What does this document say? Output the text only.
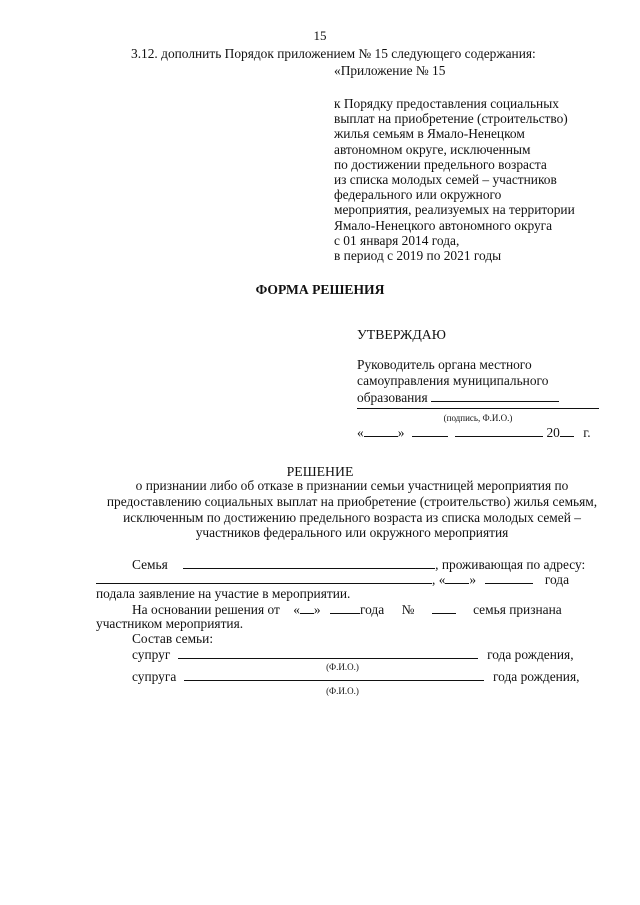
15
3.12. дополнить Порядок приложением № 15 следующего содержания:
«Приложение № 15
к Порядку предоставления социальных
выплат на приобретение (строительство)
жилья семьям в Ямало-Ненецком
автономном округе, исключенным
по достижении предельного возраста
из списка молодых семей – участников
федерального или окружного
мероприятия, реализуемых на территории
Ямало-Ненецкого автономного округа
с 01 января 2014 года,
в период с 2019 по 2021 годы
ФОРМА РЕШЕНИЯ
УТВЕРЖДАЮ
Руководитель органа местного
самоуправления муниципального
образования
(подпись, Ф.И.О.)
«	»	20 г.
РЕШЕНИЕ
о признании либо об отказе в признании семьи участницей мероприятия по предоставлению социальных выплат на приобретение (строительство) жилья семьям, исключенным по достижению предельного возраста из списка молодых семей – участников федерального или окружного мероприятия
Семья	, проживающая по адресу:
, « »	года
подала заявление на участие в мероприятии.
На основании решения от « »	года №	семья признана
участником мероприятия.
Состав семьи:
супруг	года рождения,
(Ф.И.О.)
супруга	года рождения,
(Ф.И.О.)
